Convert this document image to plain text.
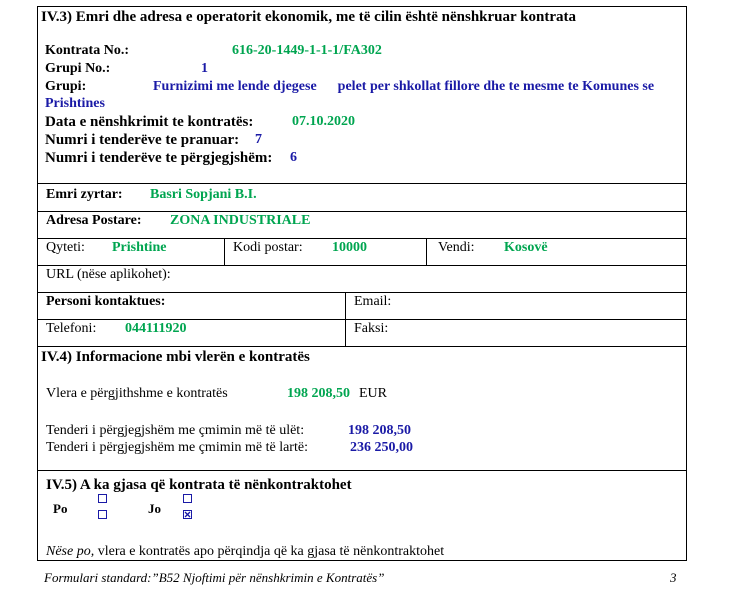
IV.3) Emri dhe adresa e operatorit ekonomik, me të cilin është nënshkruar kontrata
Kontrata No.:	616-20-1449-1-1-1/FA302
Grupi No.:	1
Grupi:	Furnizimi me lende djegese      pelet per shkollat fillore dhe te mesme te Komunes se
Prishtines
Data e nënshkrimit te kontratës:	07.10.2020
Numri i tenderëve te pranuar: 7
Numri i tenderëve te përgjegjshëm: 6
Emri zyrtar: Basri Sopjani B.I.
Adresa Postare: ZONA INDUSTRIALE
Qyteti: Prishtine	Kodi postar: 10000	Vendi: Kosovë
URL (nëse aplikohet):
Personi kontaktues:	Email:
Telefoni: 044111920	Faksi:
IV.4) Informacione mbi vlerën e kontratës
Vlera e përgjithshme e kontratës	198 208,50 EUR
Tenderi i përgjegjshëm me çmimin më të ulët:	198 208,50
Tenderi i përgjegjshëm me çmimin më të lartë:	236 250,00
IV.5) A ka gjasa që kontrata të nënkontraktohet
Po	Jo
Nëse po, vlera e kontratës apo përqindja që ka gjasa të nënkontraktohet
Formulari standard:”B52 Njoftimi për nënshkrimin e Kontratës”	3
